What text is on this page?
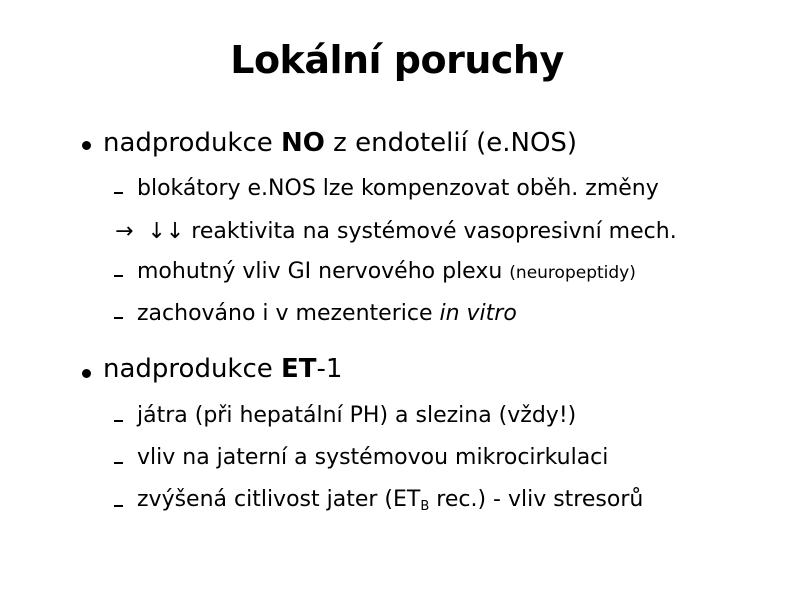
Lokální poruchy
nadprodukce NO z endotelií (e.NOS)
blokátory e.NOS lze kompenzovat oběh. změny
→ ↓↓ reaktivita na systémové vasopresivní mech.
mohutný vliv GI nervového plexu (neuropeptidy)
zachováno i v mezenterice in vitro
nadprodukce ET-1
játra (při hepatální PH) a slezina (vždy!)
vliv na jaterní a systémovou mikrocirkulaci
zvýšená citlivost jater ($ET_B$ rec.) - vliv stresorů
